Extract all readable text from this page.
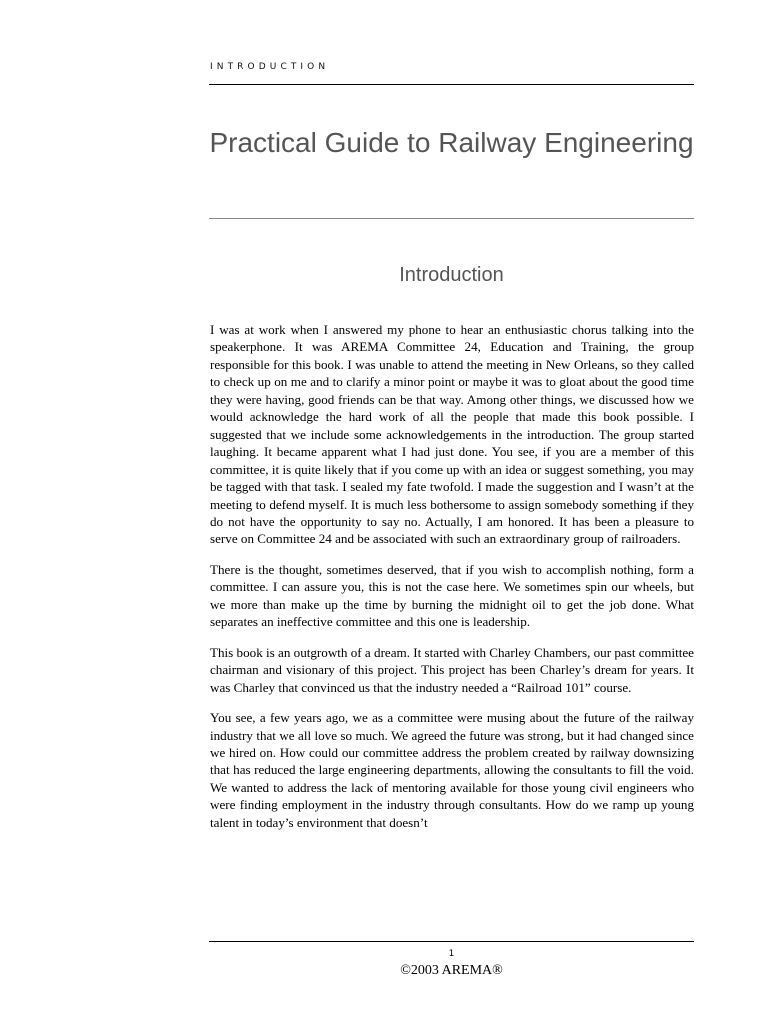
INTRODUCTION
Practical Guide to Railway Engineering
Introduction

I was at work when I answered my phone to hear an enthusiastic chorus talking into the speakerphone. It was AREMA Committee 24, Education and Training, the group responsible for this book. I was unable to attend the meeting in New Orleans, so they called to check up on me and to clarify a minor point or maybe it was to gloat about the good time they were having, good friends can be that way. Among other things, we discussed how we would acknowledge the hard work of all the people that made this book possible. I suggested that we include some acknowledgements in the introduction. The group started laughing. It became apparent what I had just done. You see, if you are a member of this committee, it is quite likely that if you come up with an idea or suggest something, you may be tagged with that task. I sealed my fate twofold. I made the suggestion and I wasn’t at the meeting to defend myself. It is much less bothersome to assign somebody something if they do not have the opportunity to say no. Actually, I am honored. It has been a pleasure to serve on Committee 24 and be associated with such an extraordinary group of railroaders.

There is the thought, sometimes deserved, that if you wish to accomplish nothing, form a committee. I can assure you, this is not the case here. We sometimes spin our wheels, but we more than make up the time by burning the midnight oil to get the job done. What separates an ineffective committee and this one is leadership.

This book is an outgrowth of a dream. It started with Charley Chambers, our past committee chairman and visionary of this project. This project has been Charley’s dream for years. It was Charley that convinced us that the industry needed a “Railroad 101” course.

You see, a few years ago, we as a committee were musing about the future of the railway industry that we all love so much. We agreed the future was strong, but it had changed since we hired on. How could our committee address the problem created by railway downsizing that has reduced the large engineering departments, allowing the consultants to fill the void. We wanted to address the lack of mentoring available for those young civil engineers who were finding employment in the industry through consultants. How do we ramp up young talent in today’s environment that doesn’t

1
©2003 AREMA®
